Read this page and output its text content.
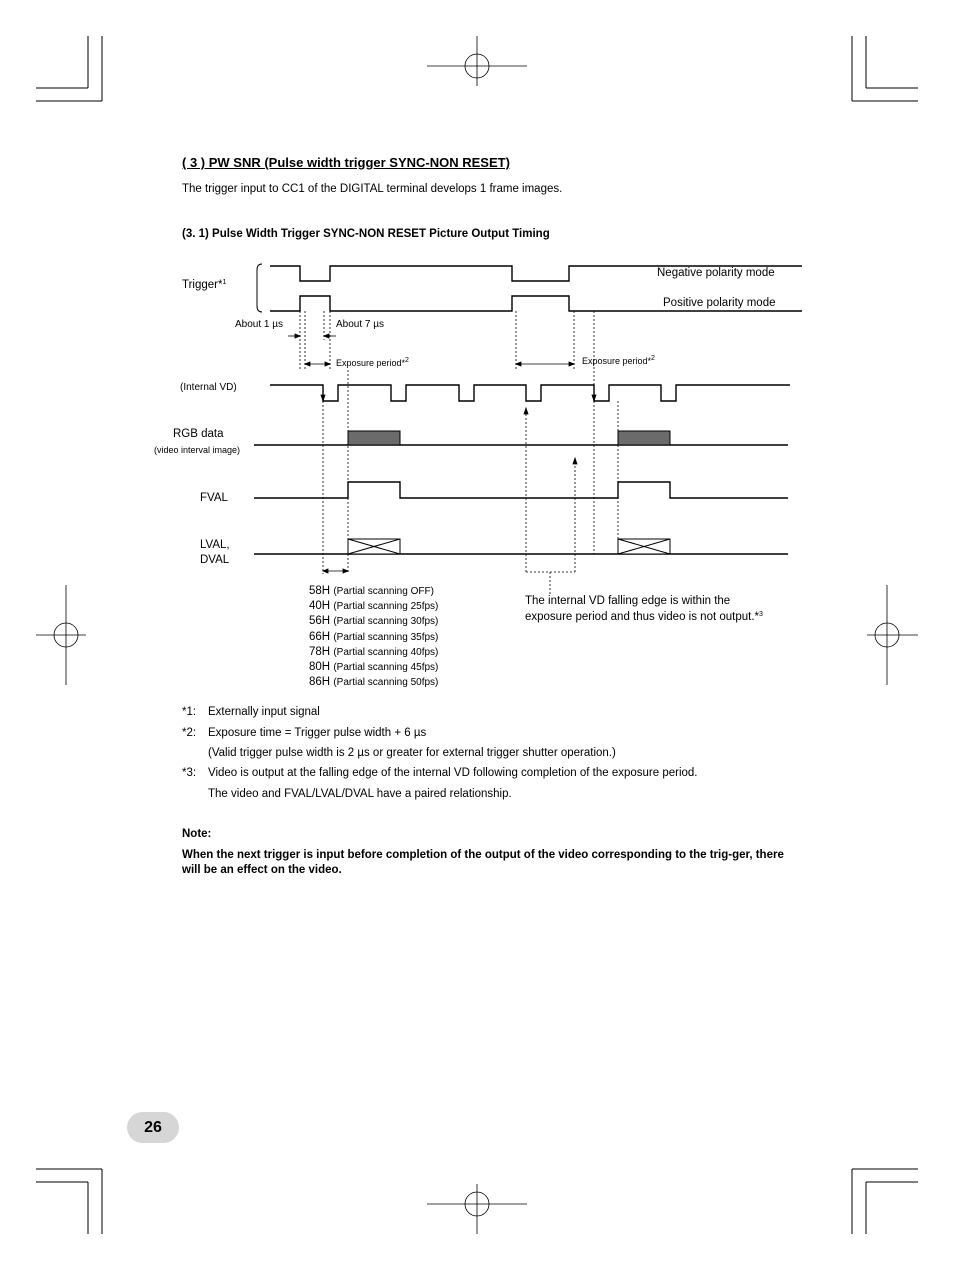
( 3 ) PW SNR (Pulse width trigger SYNC-NON RESET)
The trigger input to CC1 of the DIGITAL terminal develops 1 frame images.
(3. 1) Pulse Width Trigger SYNC-NON RESET Picture Output Timing
Trigger*$^1$
Negative polarity mode
Positive polarity mode
About 1 µs	About 7 µs
Exposure period*$^2$	Exposure period*$^2$
(Internal VD)
RGB data
(video interval image)
FVAL
LVAL,
DVAL
58H (Partial scanning OFF)
40H (Partial scanning 25fps)
56H (Partial scanning 30fps)
66H (Partial scanning 35fps)
78H (Partial scanning 40fps)
80H (Partial scanning 45fps)
86H (Partial scanning 50fps)
The internal VD falling edge is within the
exposure period and thus video is not output.*$^3$
*1: Externally input signal
*2: Exposure time = Trigger pulse width + 6 µs
(Valid trigger pulse width is 2 µs or greater for external trigger shutter operation.)
*3: Video is output at the falling edge of the internal VD following completion of the exposure period.
The video and FVAL/LVAL/DVAL have a paired relationship.
Note:
When the next trigger is input before completion of the output of the video corresponding to the trig-ger, there will be an effect on the video.
26
